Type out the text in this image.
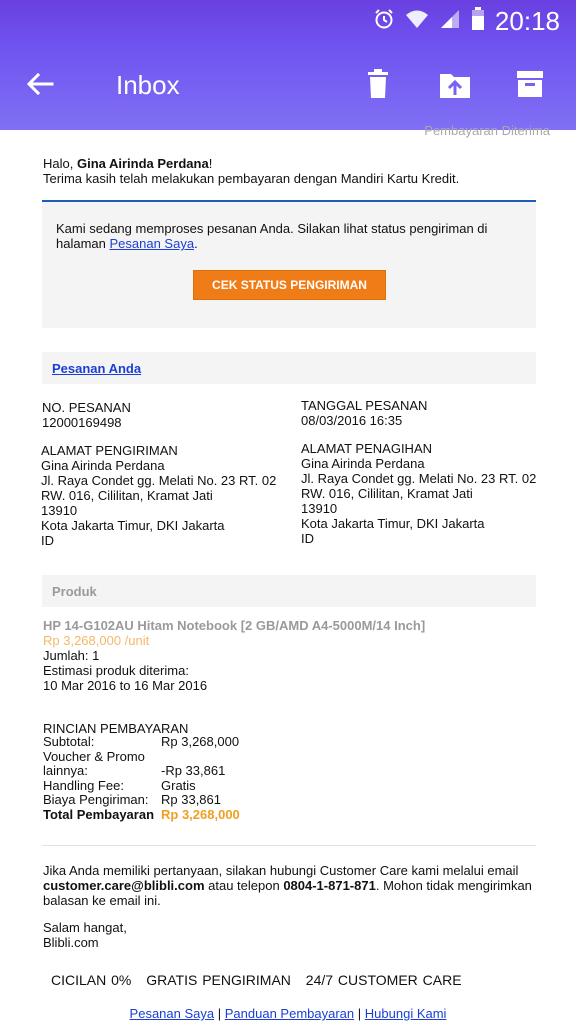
20:18
Inbox
Pembayaran Diterima
Halo, Gina Airinda Perdana!
Terima kasih telah melakukan pembayaran dengan Mandiri Kartu Kredit.
Kami sedang memproses pesanan Anda. Silakan lihat status pengiriman di halaman Pesanan Saya.
CEK STATUS PENGIRIMAN
Pesanan Anda
NO. PESANAN
12000169498
TANGGAL PESANAN
08/03/2016 16:35
ALAMAT PENGIRIMAN
Gina Airinda Perdana
Jl. Raya Condet gg. Melati No. 23 RT. 02
RW. 016, Cililitan, Kramat Jati
13910
Kota Jakarta Timur, DKI Jakarta
ID
ALAMAT PENAGIHAN
Gina Airinda Perdana
Jl. Raya Condet gg. Melati No. 23 RT. 02
RW. 016, Cililitan, Kramat Jati
13910
Kota Jakarta Timur, DKI Jakarta
ID
Produk
HP 14-G102AU Hitam Notebook [2 GB/AMD A4-5000M/14 Inch]
Rp 3,268,000 /unit
Jumlah: 1
Estimasi produk diterima:
10 Mar 2016 to 16 Mar 2016
RINCIAN PEMBAYARAN
Subtotal:	Rp 3,268,000
Voucher & Promo	
lainnya:	-Rp 33,861
Handling Fee:	Gratis
Biaya Pengiriman:	Rp 33,861
Total Pembayaran	Rp 3,268,000
Jika Anda memiliki pertanyaan, silakan hubungi Customer Care kami melalui email customer.care@blibli.com atau telepon 0804-1-871-871. Mohon tidak mengirimkan balasan ke email ini.
Salam hangat,
Blibli.com
CICILAN 0% GRATIS PENGIRIMAN 24/7 CUSTOMER CARE
Pesanan Saya | Panduan Pembayaran | Hubungi Kami
